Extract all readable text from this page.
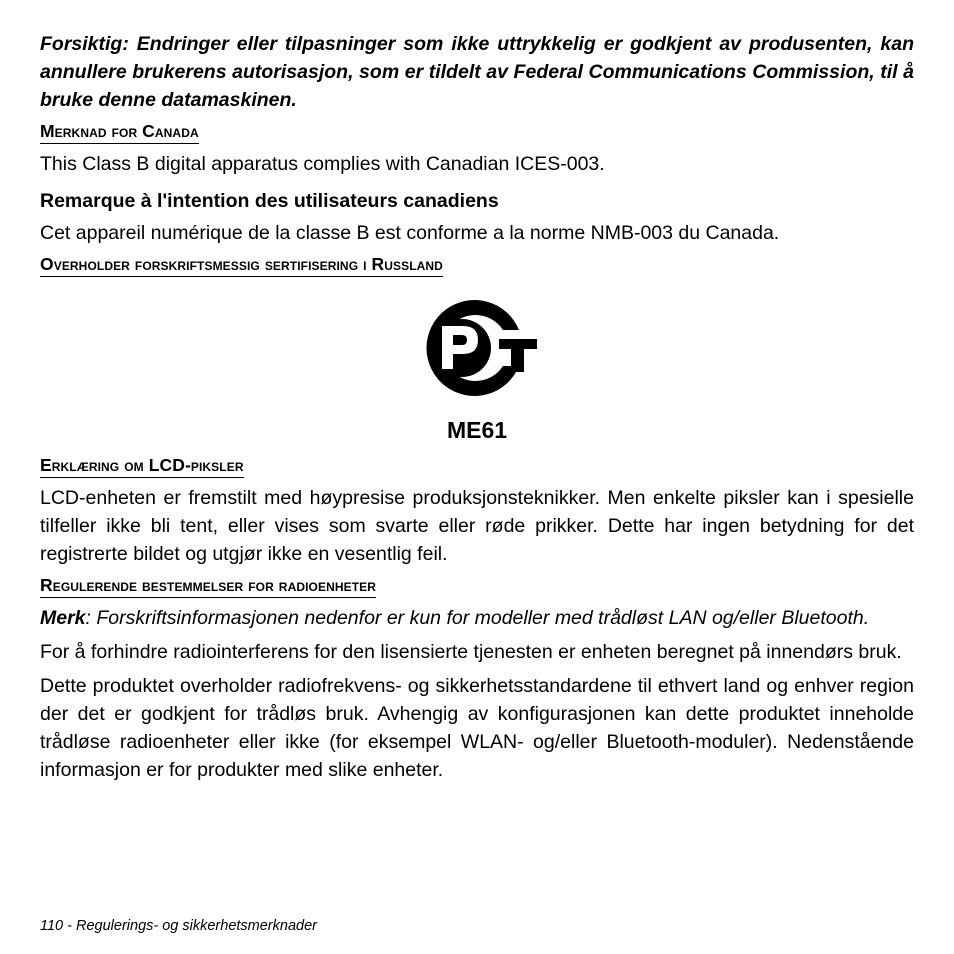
Forsiktig: Endringer eller tilpasninger som ikke uttrykkelig er godkjent av produsenten, kan annullere brukerens autorisasjon, som er tildelt av Federal Communications Commission, til å bruke denne datamaskinen.

Merknad for Canada

This Class B digital apparatus complies with Canadian ICES-003.

Remarque à l'intention des utilisateurs canadiens

Cet appareil numérique de la classe B est conforme a la norme NMB-003 du Canada.

Overholder forskriftsmessig sertifisering i Russland

ME61

Erklæring om LCD-piksler

LCD-enheten er fremstilt med høypresise produksjonsteknikker. Men enkelte piksler kan i spesielle tilfeller ikke bli tent, eller vises som svarte eller røde prikker. Dette har ingen betydning for det registrerte bildet og utgjør ikke en vesentlig feil.

Regulerende bestemmelser for radioenheter

Merk: Forskriftsinformasjonen nedenfor er kun for modeller med trådløst LAN og/eller Bluetooth.

For å forhindre radiointerferens for den lisensierte tjenesten er enheten beregnet på innendørs bruk.

Dette produktet overholder radiofrekvens- og sikkerhetsstandardene til ethvert land og enhver region der det er godkjent for trådløs bruk. Avhengig av konfigurasjonen kan dette produktet inneholde trådløse radioenheter eller ikke (for eksempel WLAN- og/eller Bluetooth-moduler). Nedenstående informasjon er for produkter med slike enheter.

110 - Regulerings- og sikkerhetsmerknader
